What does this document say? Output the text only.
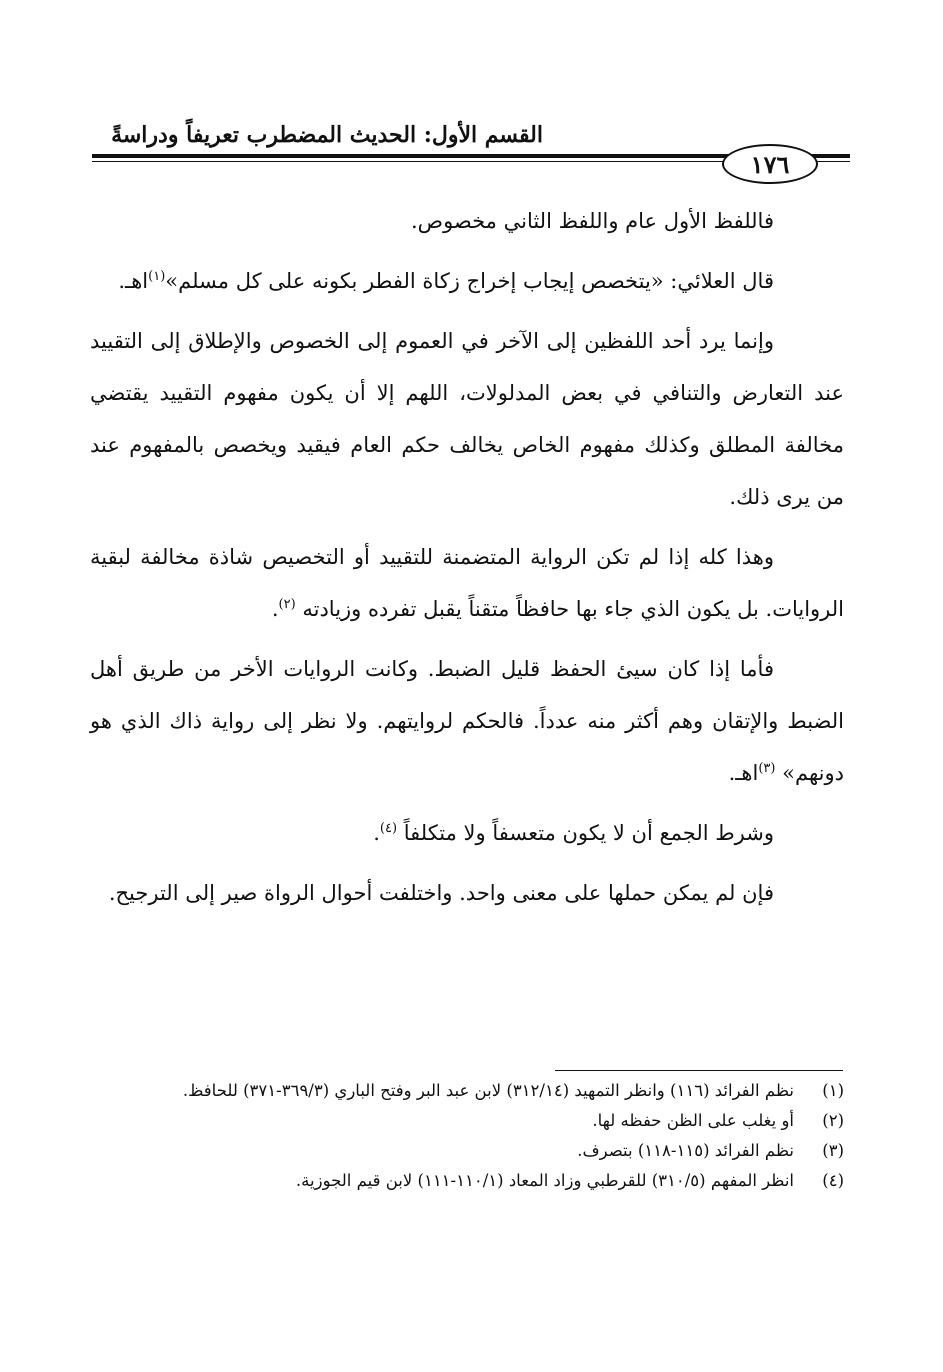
القسم الأول: الحديث المضطرب تعريفاً ودراسةً
١٧٦

فاللفظ الأول عام واللفظ الثاني مخصوص.

قال العلائي: «يتخصص إيجاب إخراج زكاة الفطر بكونه على كل مسلم»$^{(١)}$اهـ.

وإنما يرد أحد اللفظين إلى الآخر في العموم إلى الخصوص والإطلاق إلى التقييد عند التعارض والتنافي في بعض المدلولات، اللهم إلا أن يكون مفهوم التقييد يقتضي مخالفة المطلق وكذلك مفهوم الخاص يخالف حكم العام فيقيد ويخصص بالمفهوم عند من يرى ذلك.

وهذا كله إذا لم تكن الرواية المتضمنة للتقييد أو التخصيص شاذة مخالفة لبقية الروايات. بل يكون الذي جاء بها حافظاً متقناً يقبل تفرده وزيادته $^{(٢)}$.

فأما إذا كان سيئ الحفظ قليل الضبط. وكانت الروايات الأخر من طريق أهل الضبط والإتقان وهم أكثر منه عدداً. فالحكم لروايتهم. ولا نظر إلى رواية ذاك الذي هو دونهم» $^{(٣)}$اهـ.

وشرط الجمع أن لا يكون متعسفاً ولا متكلفاً $^{(٤)}$.

فإن لم يمكن حملها على معنى واحد. واختلفت أحوال الرواة صير إلى الترجيح.

(١)
نظم الفرائد (١١٦) وانظر التمهيد (٣١٢/١٤) لابن عبد البر وفتح الباري (٣٦٩/٣-٣٧١) للحافظ.
(٢)
أو يغلب على الظن حفظه لها.
(٣)
نظم الفرائد (١١٥-١١٨) بتصرف.
(٤)
انظر المفهم (٣١٠/٥) للقرطبي وزاد المعاد (١١٠/١-١١١) لابن قيم الجوزية.
